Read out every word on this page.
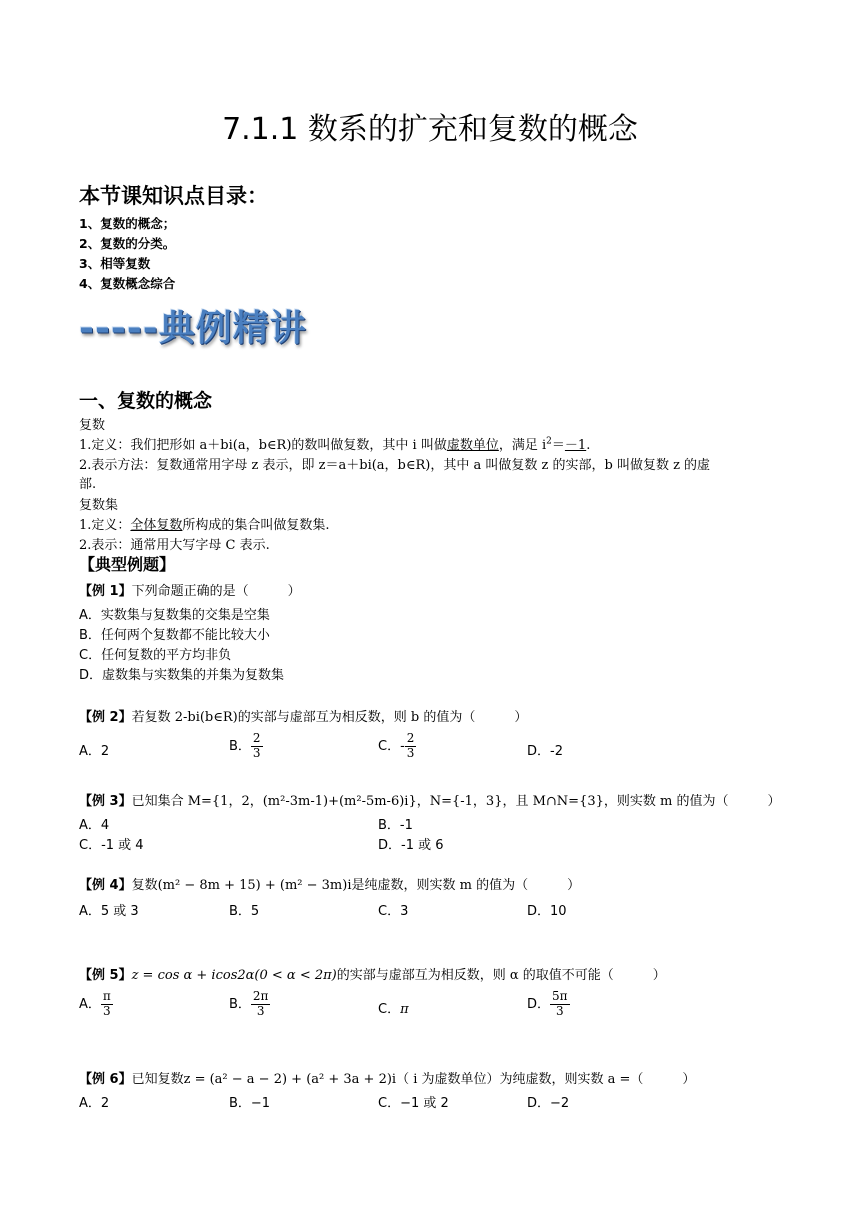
7.1.1 数系的扩充和复数的概念
本节课知识点目录：
1、复数的概念；
2、复数的分类。
3、相等复数
4、复数概念综合
-----典例精讲
一、复数的概念
复数
1.定义：我们把形如 a＋bi(a，b∈R)的数叫做复数，其中 i 叫做虚数单位，满足 $i^2=-1$.
2.表示方法：复数通常用字母 z 表示，即 z＝a＋bi(a，b∈R)，其中 a 叫做复数 z 的实部，b 叫做复数 z 的虚
部.
复数集
1.定义：全体复数所构成的集合叫做复数集.
2.表示：通常用大写字母 C 表示.
【典型例题】
【例 1】下列命题正确的是（　　　）
A．实数集与复数集的交集是空集
B．任何两个复数都不能比较大小
C．任何复数的平方均非负
D．虚数集与实数集的并集为复数集
【例 2】若复数 2-bi(b∈R)的实部与虚部互为相反数，则 b 的值为（　　　）
A．2	B． $\frac{2}{3}$	C．- $\frac{2}{3}$	D．-2
【例 3】已知集合 M={1，2，(m²-3m-1)+(m²-5m-6)i}，N={-1，3}，且 M∩N={3}，则实数 m 的值为（　　　）
A．4	B．-1
C．-1 或 4	D．-1 或 6
【例 4】复数(m² − 8m + 15) + (m² − 3m)i是纯虚数，则实数 m 的值为（　　　）
A．5 或 3	B．5	C．3	D．10
【例 5】z = cos α + icos2α(0 < α < 2π)的实部与虚部互为相反数，则 α 的取值不可能（　　　）
A． $\frac{\pi}{3}$	B． $\frac{2\pi}{3}$	C．π	D． $\frac{5\pi}{3}$
【例 6】已知复数z = (a² − a − 2) + (a² + 3a + 2)i（ i 为虚数单位）为纯虚数，则实数 a =（　　　）
A．2	B．−1	C．−1 或 2	D．−2
